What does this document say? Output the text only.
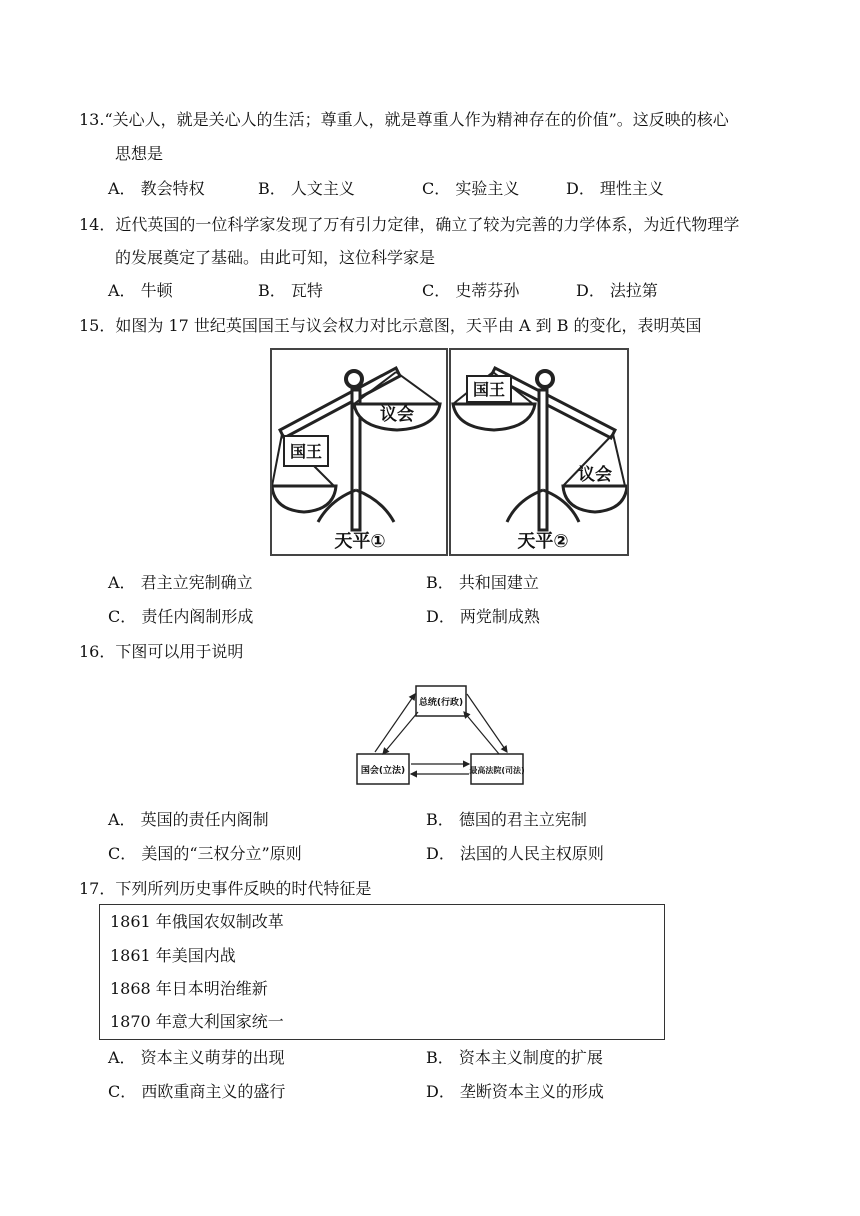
13.“关心人，就是关心人的生活；尊重人，就是尊重人作为精神存在的价值”。这反映的核心
思想是
A． 教会特权	B． 人文主义	C． 实验主义	D． 理性主义
14．近代英国的一位科学家发现了万有引力定律，确立了较为完善的力学体系，为近代物理学
的发展奠定了基础。由此可知，这位科学家是
A． 牛顿	B． 瓦特	C． 史蒂芬孙	D． 法拉第
15．如图为 17 世纪英国国王与议会权力对比示意图，天平由 A 到 B 的变化，表明英国
议会
国王
天平①
国王
议会
天平②
A． 君主立宪制确立	B． 共和国建立
C． 责任内阁制形成	D． 两党制成熟
16．下图可以用于说明
总统(行政)
国会(立法)	最高法院(司法)
A． 英国的责任内阁制	B． 德国的君主立宪制
C． 美国的“三权分立”原则	D． 法国的人民主权原则
17．下列所列历史事件反映的时代特征是
1861 年俄国农奴制改革
1861 年美国内战
1868 年日本明治维新
1870 年意大利国家统一
A． 资本主义萌芽的出现	B． 资本主义制度的扩展
C． 西欧重商主义的盛行	D． 垄断资本主义的形成
